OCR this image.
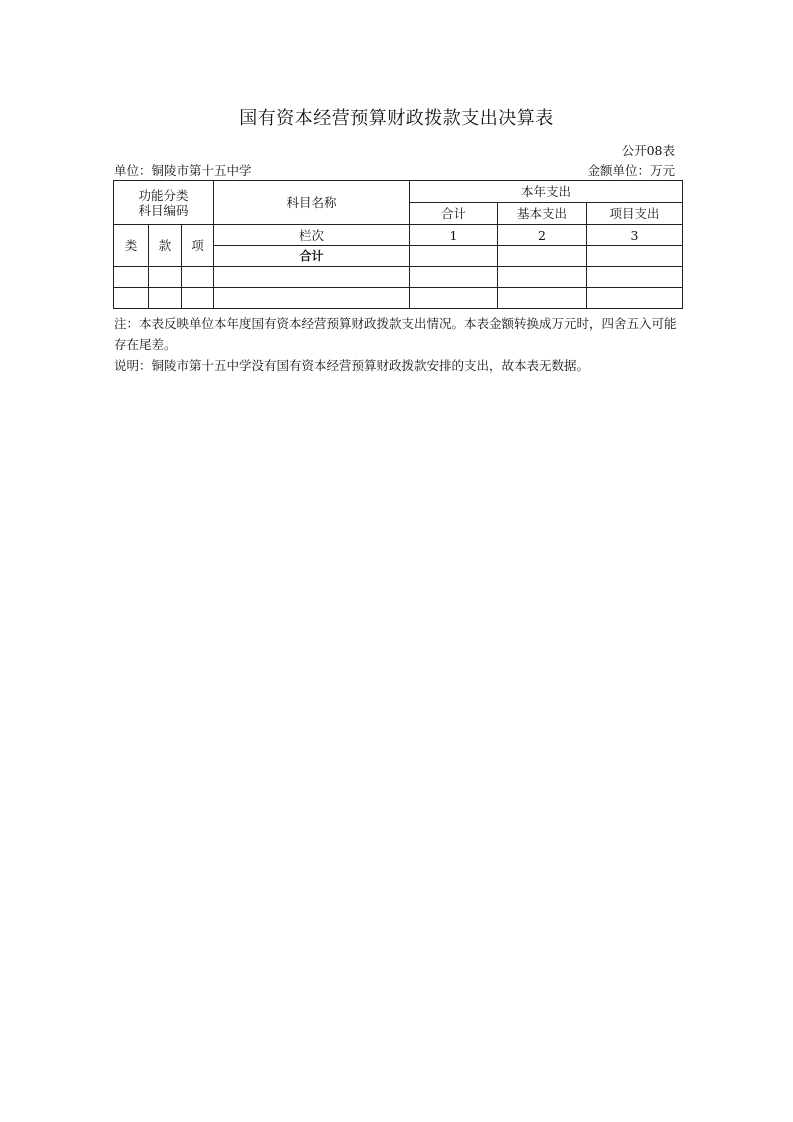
国有资本经营预算财政拨款支出决算表
公开08表
单位：铜陵市第十五中学	金额单位：万元
功能分类
科目编码			科目名称	本年支出		
				合计	基本支出	项目支出
类	款	项	栏次	1	2	3
			合计			

注：本表反映单位本年度国有资本经营预算财政拨款支出情况。本表金额转换成万元时，四舍五入可能存在尾差。

说明：铜陵市第十五中学没有国有资本经营预算财政拨款安排的支出，故本表无数据。
